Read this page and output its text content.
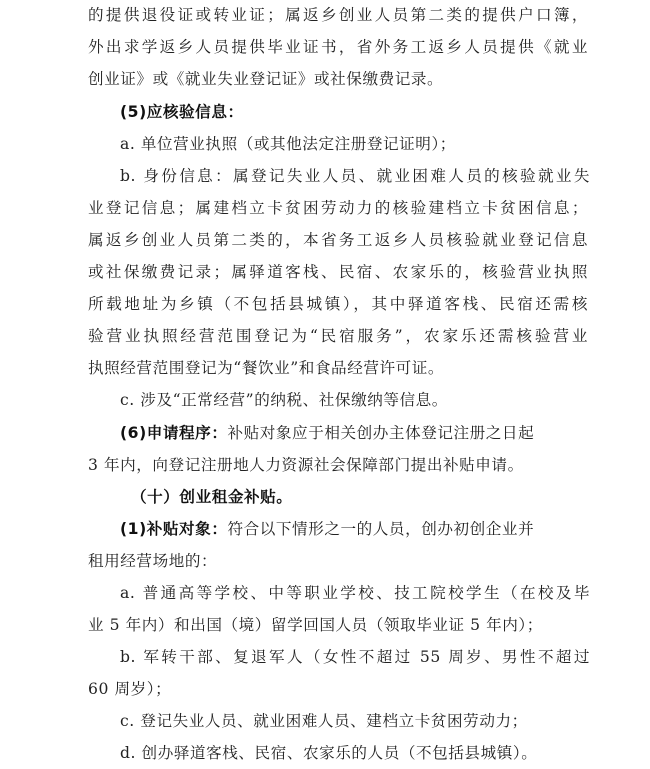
的提供退役证或转业证；属返乡创业人员第二类的提供户口簿，
外出求学返乡人员提供毕业证书，省外务工返乡人员提供《就业
创业证》或《就业失业登记证》或社保缴费记录。
(5)应核验信息：
a. 单位营业执照（或其他法定注册登记证明）；
b. 身份信息：属登记失业人员、就业困难人员的核验就业失
业登记信息；属建档立卡贫困劳动力的核验建档立卡贫困信息；
属返乡创业人员第二类的，本省务工返乡人员核验就业登记信息
或社保缴费记录；属驿道客栈、民宿、农家乐的，核验营业执照
所载地址为乡镇（不包括县城镇），其中驿道客栈、民宿还需核
验营业执照经营范围登记为“民宿服务”，农家乐还需核验营业
执照经营范围登记为“餐饮业”和食品经营许可证。
c. 涉及“正常经营”的纳税、社保缴纳等信息。
(6)申请程序：补贴对象应于相关创办主体登记注册之日起
3 年内，向登记注册地人力资源社会保障部门提出补贴申请。
（十）创业租金补贴。
(1)补贴对象：符合以下情形之一的人员，创办初创企业并
租用经营场地的：
a. 普通高等学校、中等职业学校、技工院校学生（在校及毕
业 5 年内）和出国（境）留学回国人员（领取毕业证 5 年内）；
b. 军转干部、复退军人（女性不超过 55 周岁、男性不超过
60 周岁）；
c. 登记失业人员、就业困难人员、建档立卡贫困劳动力；
d. 创办驿道客栈、民宿、农家乐的人员（不包括县城镇）。
